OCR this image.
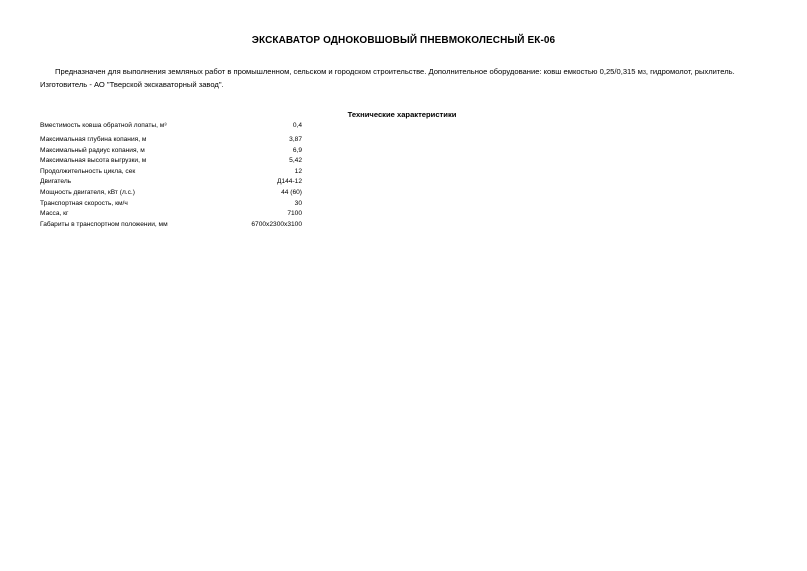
ЭКСКАВАТОР ОДНОКОВШОВЫЙ ПНЕВМОКОЛЕСНЫЙ ЕК-06
Предназначен для выполнения земляных работ в промышленном, сельском и городском строительстве. Дополнительное оборудование: ковш емкостью 0,25/0,315 м3, гидромолот, рыхлитель. Изготовитель - АО "Тверской экскаваторный завод".
Технические характеристики
Вместимость ковша обратной лопаты, м³	0,4
Максимальная глубина копания, м	3,87
Максимальный радиус копания, м	6,9
Максимальная высота выгрузки, м	5,42
Продолжительность цикла, сек	12
Двигатель	Д144-12
Мощность двигателя, кВт (л.с.)	44 (60)
Транспортная скорость, км/ч	30
Масса, кг	7100
Габариты в транспортном положении, мм	6700x2300x3100
